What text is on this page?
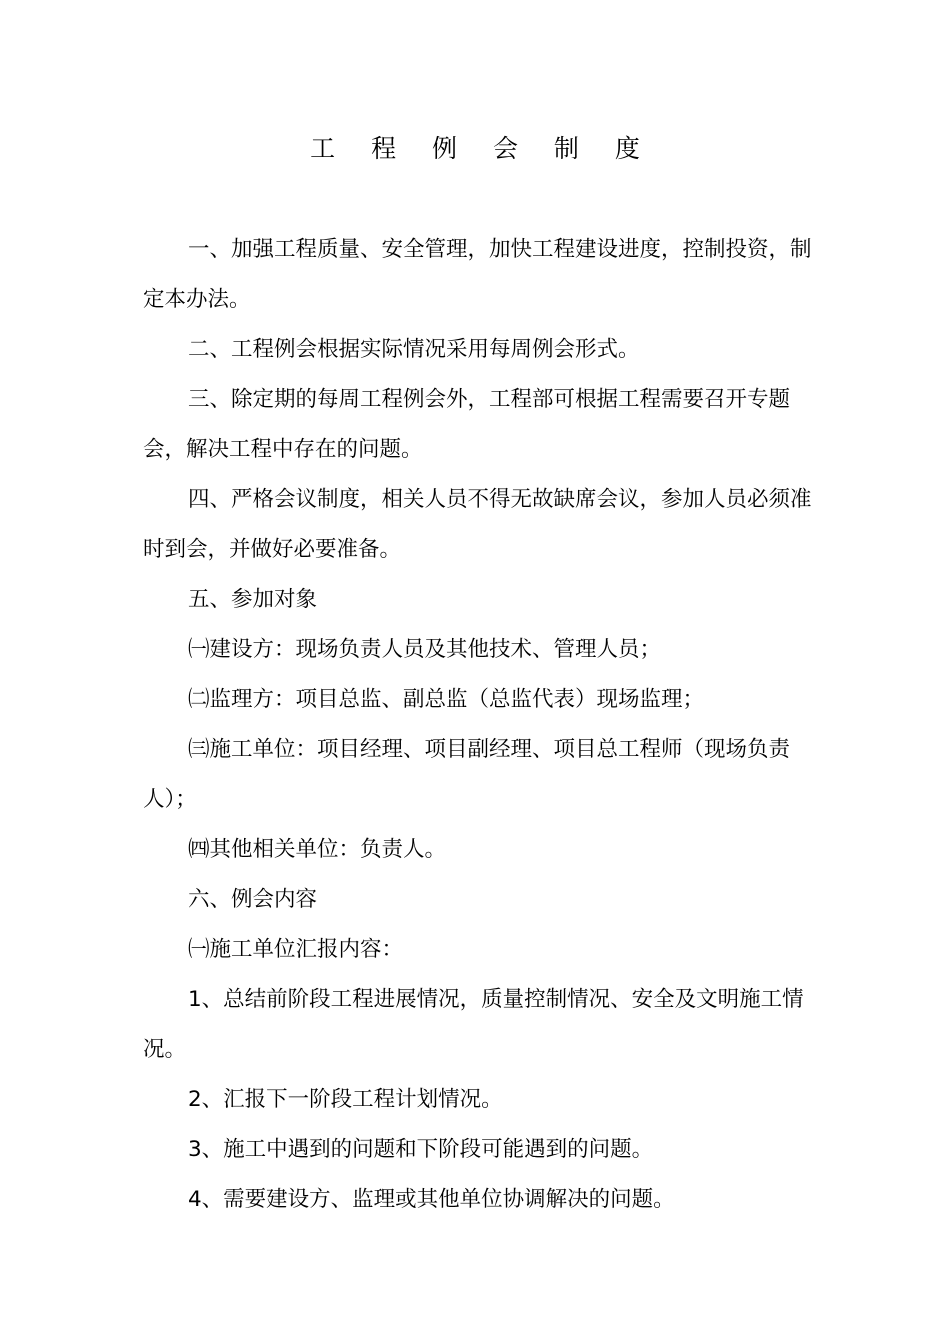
工 程 例 会 制 度

一、加强工程质量、安全管理，加快工程建设进度，控制投资，制定本办法。

二、工程例会根据实际情况采用每周例会形式。

三、除定期的每周工程例会外，工程部可根据工程需要召开专题会，解决工程中存在的问题。

四、严格会议制度，相关人员不得无故缺席会议，参加人员必须准时到会，并做好必要准备。

五、参加对象

㈠建设方：现场负责人员及其他技术、管理人员；

㈡监理方：项目总监、副总监（总监代表）现场监理；

㈢施工单位：项目经理、项目副经理、项目总工程师（现场负责人）；

㈣其他相关单位：负责人。

六、例会内容

㈠施工单位汇报内容：

1、总结前阶段工程进展情况，质量控制情况、安全及文明施工情况。

2、汇报下一阶段工程计划情况。

3、施工中遇到的问题和下阶段可能遇到的问题。

4、需要建设方、监理或其他单位协调解决的问题。
